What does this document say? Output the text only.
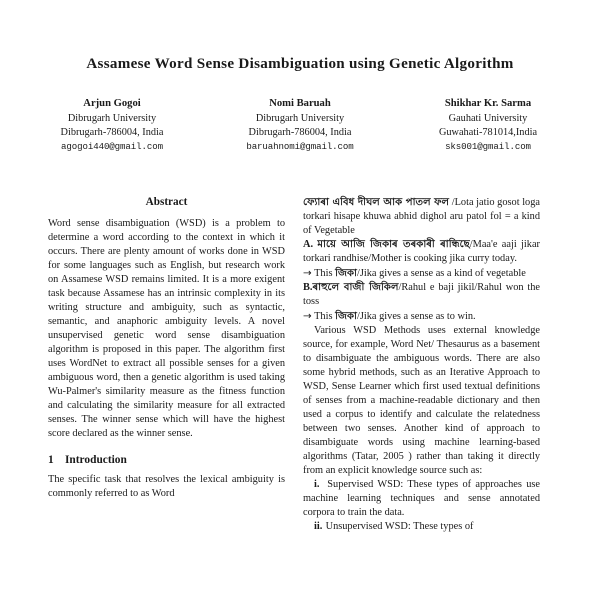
Assamese Word Sense Disambiguation using Genetic Algorithm
Arjun Gogoi
Dibrugarh University
Dibrugarh-786004, India
agogoi440@gmail.com
Nomi Baruah
Dibrugarh University
Dibrugarh-786004, India
baruahnomi@gmail.com
Shikhar Kr. Sarma
Gauhati University
Guwahati-781014,India
sks001@gmail.com
Abstract

Word sense disambiguation (WSD) is a problem to determine a word according to the context in which it occurs. There are plenty amount of works done in WSD for some languages such as English, but research work on Assamese WSD remains limited. It is a more exigent task because Assamese has an intrinsic complexity in its writing structure and ambiguity, such as syntactic, semantic, and anaphoric ambiguity levels. A novel unsupervised genetic word sense disambiguation algorithm is proposed in this paper. The algorithm first uses WordNet to extract all possible senses for a given ambiguous word, then a genetic algorithm is used taking Wu-Palmer's similarity measure as the fitness function and calculating the similarity measure for all extracted senses. The winner sense which will have the highest score declared as the winner sense.

1 Introduction

The specific task that resolves the lexical ambiguity is commonly referred to as Word

ফ্যোৰা এবিধ দীঘল আক পাতল ফল /Lota jatio gosot loga torkari hisape khuwa abhid dighol aru patol fol = a kind of Vegetable

A. মায়ে আজি জিকাৰ তৰকাৰী ৰান্ধিছে/Maa'e aaji jikar torkari randhise/Mother is cooking jika curry today.

→ This জিকা/Jika gives a sense as a kind of vegetable

B.ৰাহুলে বাজী জিকিল/Rahul e baji jikil/Rahul won the toss

→ This জিকা/Jika gives a sense as to win.

Various WSD Methods uses external knowledge source, for example, Word Net/ Thesaurus as a basement to disambiguate the ambiguous words. There are also some hybrid methods, such as an Iterative Approach to WSD, Sense Learner which first used textual definitions of senses from a machine-readable dictionary and then used a corpus to identify and calculate the relatedness between two senses. Another kind of approach to disambiguate words using machine learning-based algorithms (Tatar, 2005 ) rather than taking it directly from an explicit knowledge source such as:

i. Supervised WSD: These types of approaches use machine learning techniques and sense annotated corpora to train the data.

ii. Unsupervised WSD: These types of
